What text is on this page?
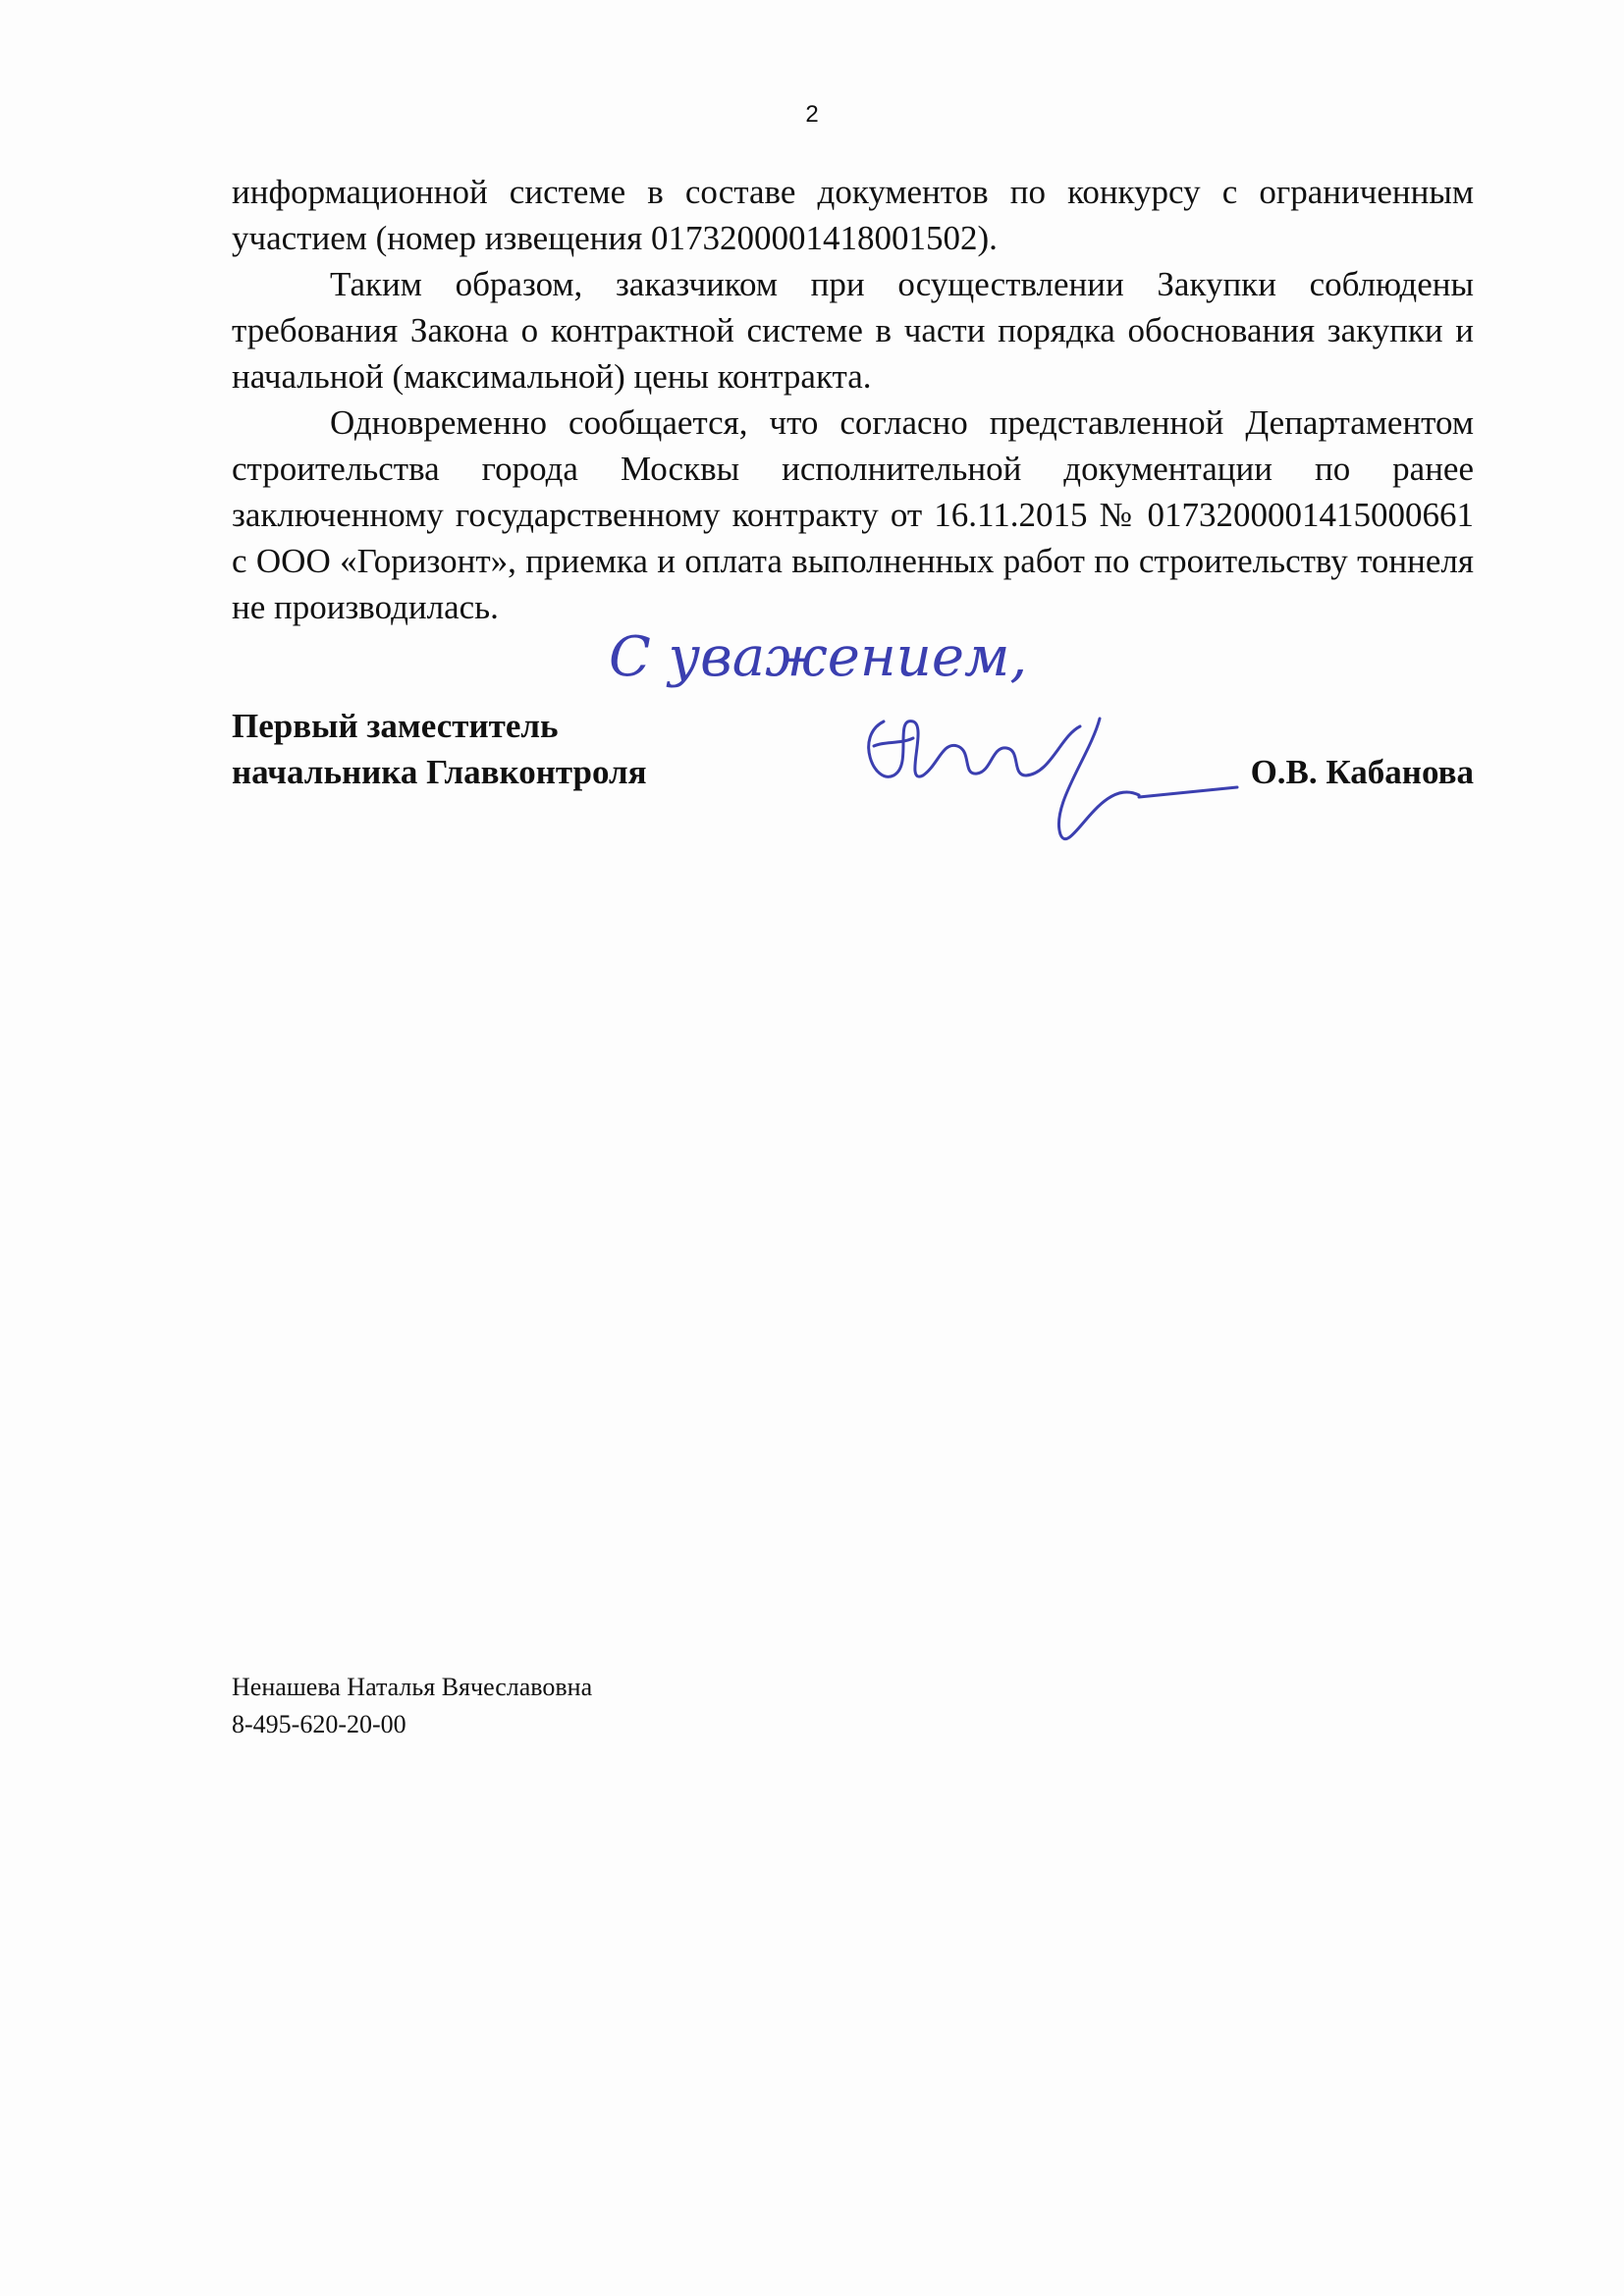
2

информационной системе в составе документов по конкурсу с ограниченным участием (номер извещения 0173200001418001502).

Таким образом, заказчиком при осуществлении Закупки соблюдены требования Закона о контрактной системе в части порядка обоснования закупки и начальной (максимальной) цены контракта.

Одновременно сообщается, что согласно представленной Департаментом строительства города Москвы исполнительной документации по ранее заключенному государственному контракту от 16.11.2015 № 0173200001415000661 с ООО «Горизонт», приемка и оплата выполненных работ по строительству тоннеля не производилась.

С уважением,
Первый заместитель
начальника Главконтроля	О.В. Кабанова
Ненашева Наталья Вячеславовна
8-495-620-20-00
